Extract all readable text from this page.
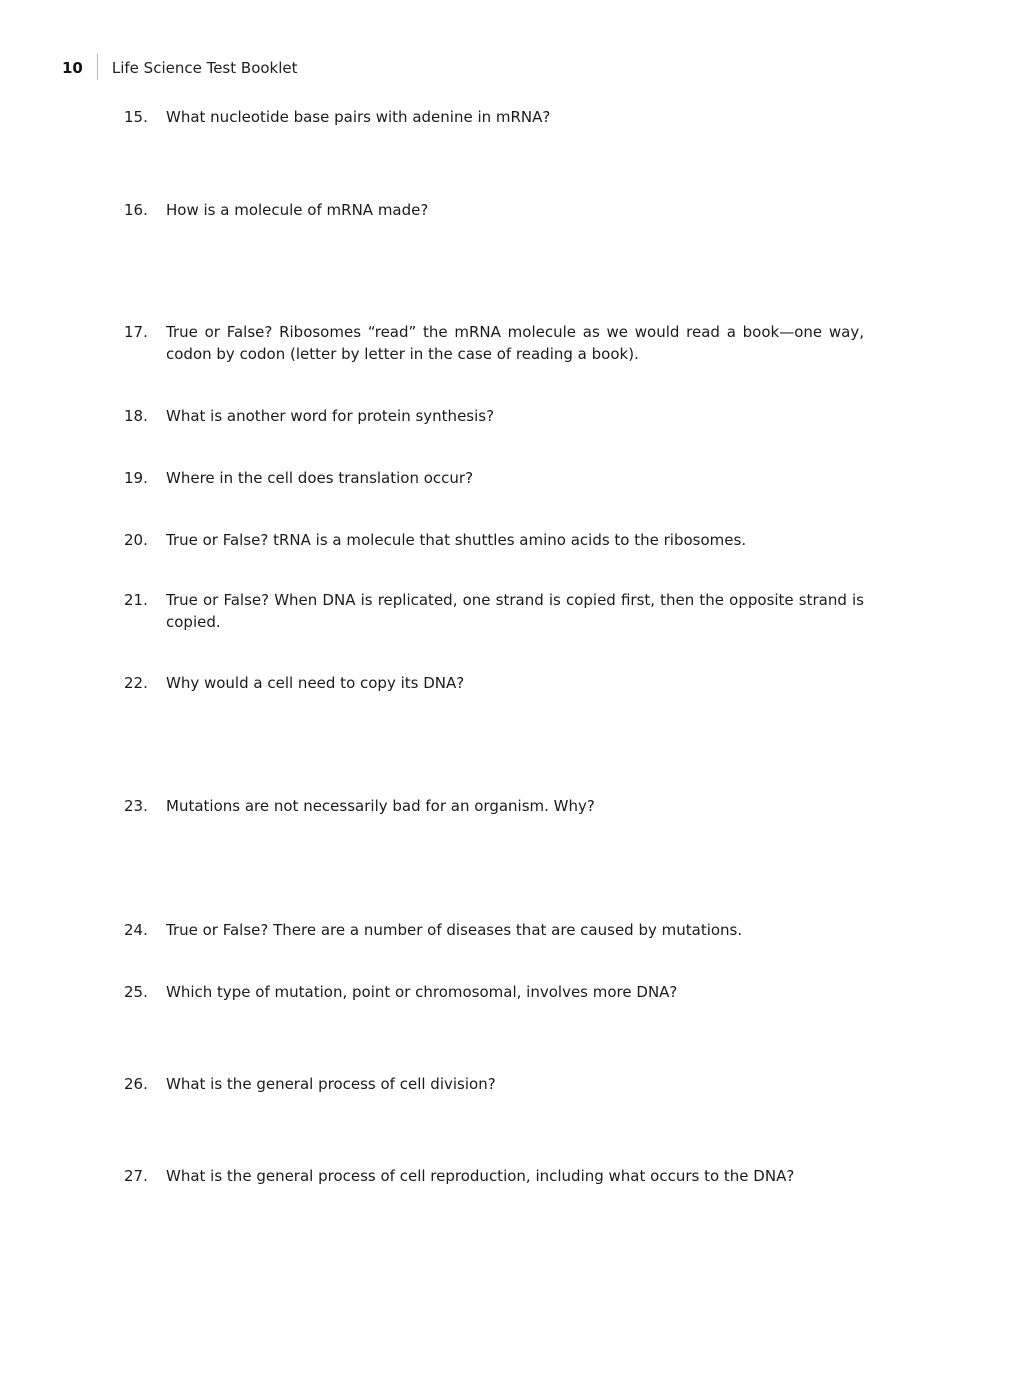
10 Life Science Test Booklet
15.	What nucleotide base pairs with adenine in mRNA?
16.	How is a molecule of mRNA made?
17.	True or False? Ribosomes “read” the mRNA molecule as we would read a book—one way, codon by codon (letter by letter in the case of reading a book).
18.	What is another word for protein synthesis?
19.	Where in the cell does translation occur?
20.	True or False? tRNA is a molecule that shuttles amino acids to the ribosomes.
21.	True or False? When DNA is replicated, one strand is copied first, then the opposite strand is copied.
22.	Why would a cell need to copy its DNA?
23.	Mutations are not necessarily bad for an organism. Why?
24.	True or False? There are a number of diseases that are caused by mutations.
25.	Which type of mutation, point or chromosomal, involves more DNA?
26.	What is the general process of cell division?
27.	What is the general process of cell reproduction, including what occurs to the DNA?
